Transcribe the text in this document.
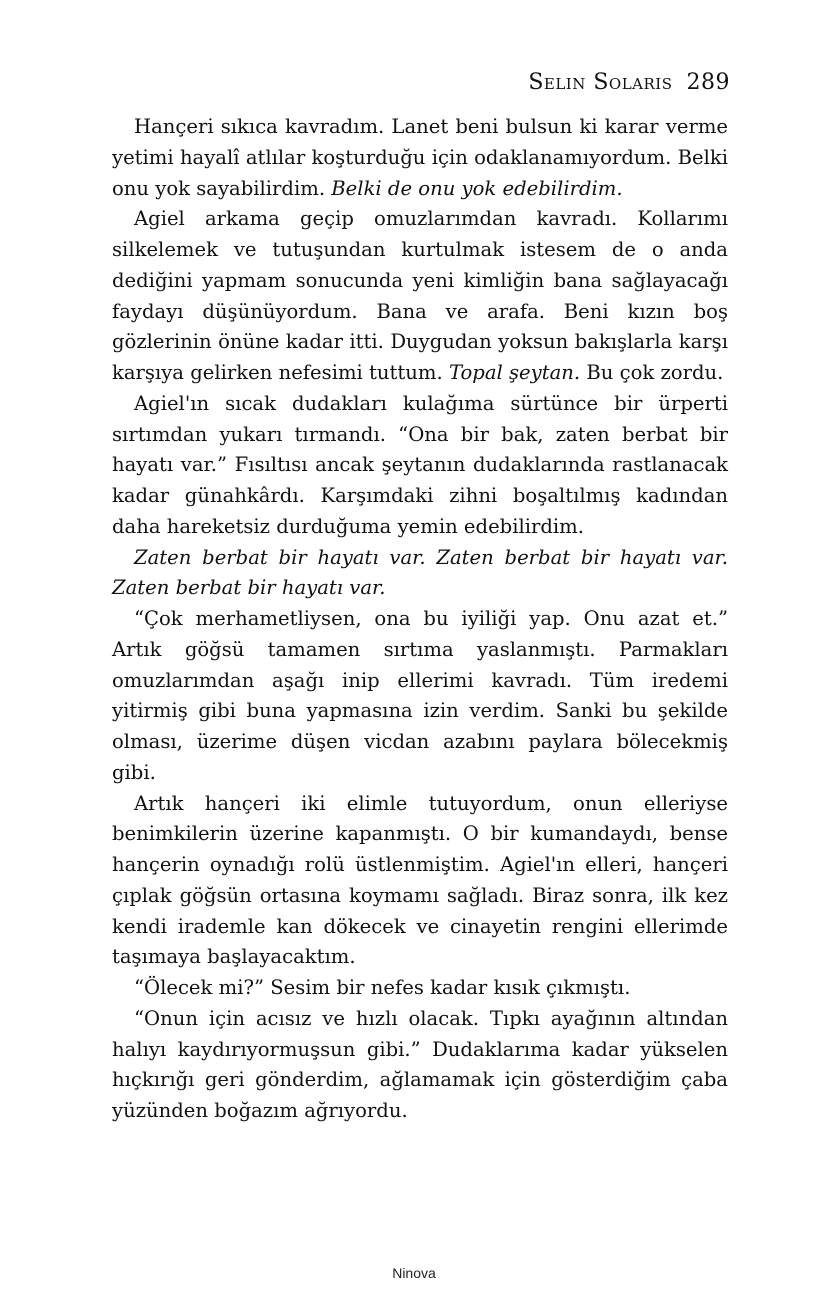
Selin Solaris 289

Hançeri sıkıca kavradım. Lanet beni bulsun ki karar verme yetimi hayalî atlılar koşturduğu için odaklanamıyordum. Belki onu yok sayabilirdim. Belki de onu yok edebilirdim.

Agiel arkama geçip omuzlarımdan kavradı. Kollarımı silkelemek ve tutuşundan kurtulmak istesem de o anda dediğini yapmam sonucunda yeni kimliğin bana sağlayacağı faydayı düşünüyordum. Bana ve arafa. Beni kızın boş gözlerinin önüne kadar itti. Duygudan yoksun bakışlarla karşı karşıya gelirken nefesimi tuttum. Topal şeytan. Bu çok zordu.

Agiel'ın sıcak dudakları kulağıma sürtünce bir ürperti sırtımdan yukarı tırmandı. “Ona bir bak, zaten berbat bir hayatı var.” Fısıltısı ancak şeytanın dudaklarında rastlanacak kadar günahkârdı. Karşımdaki zihni boşaltılmış kadından daha hareketsiz durduğuma yemin edebilirdim.

Zaten berbat bir hayatı var. Zaten berbat bir hayatı var. Zaten berbat bir hayatı var.

“Çok merhametliysen, ona bu iyiliği yap. Onu azat et.” Artık göğsü tamamen sırtıma yaslanmıştı. Parmakları omuzlarımdan aşağı inip ellerimi kavradı. Tüm iredemi yitirmiş gibi buna yapmasına izin verdim. Sanki bu şekilde olması, üzerime düşen vicdan azabını paylara bölecekmiş gibi.

Artık hançeri iki elimle tutuyordum, onun elleriyse benimkilerin üzerine kapanmıştı. O bir kumandaydı, bense hançerin oynadığı rolü üstlenmiştim. Agiel'ın elleri, hançeri çıplak göğsün ortasına koymamı sağladı. Biraz sonra, ilk kez kendi irademle kan dökecek ve cinayetin rengini ellerimde taşımaya başlayacaktım.

“Ölecek mi?” Sesim bir nefes kadar kısık çıkmıştı.

“Onun için acısız ve hızlı olacak. Tıpkı ayağının altından halıyı kaydırıyormuşsun gibi.” Dudaklarıma kadar yükselen hıçkırığı geri gönderdim, ağlamamak için gösterdiğim çaba yüzünden boğazım ağrıyordu.

Ninova
